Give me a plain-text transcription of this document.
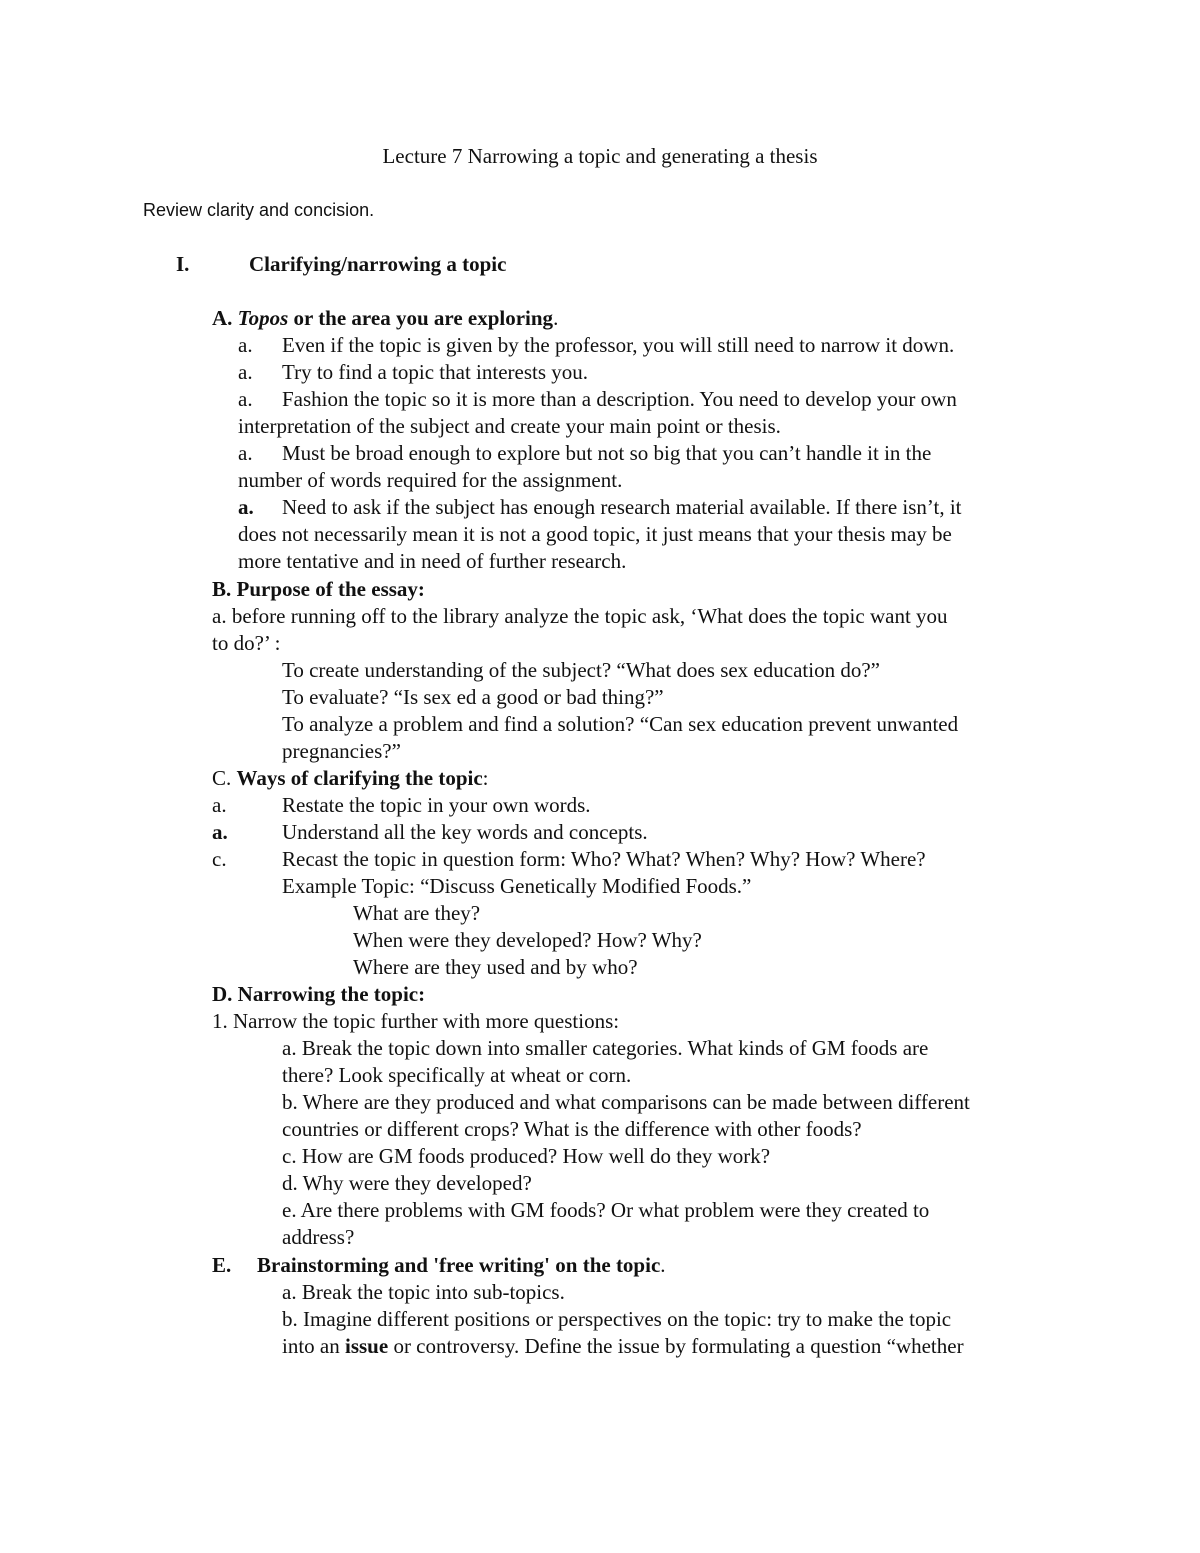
Lecture 7 Narrowing a topic and generating a thesis
Review clarity and concision.
I.	Clarifying/narrowing a topic
A. Topos or the area you are exploring.
a. Even if the topic is given by the professor, you will still need to narrow it down.
a. Try to find a topic that interests you.
a. Fashion the topic so it is more than a description. You need to develop your own
interpretation of the subject and create your main point or thesis.
a. Must be broad enough to explore but not so big that you can’t handle it in the
number of words required for the assignment.
a. Need to ask if the subject has enough research material available. If there isn’t, it
does not necessarily mean it is not a good topic, it just means that your thesis may be
more tentative and in need of further research.
B. Purpose of the essay:
a. before running off to the library analyze the topic ask, ‘What does the topic want you
to do?’ :
To create understanding of the subject? “What does sex education do?”
To evaluate? “Is sex ed a good or bad thing?”
To analyze a problem and find a solution? “Can sex education prevent unwanted
pregnancies?”
C. Ways of clarifying the topic:
a.	Restate the topic in your own words.
a.	Understand all the key words and concepts.
c.	Recast the topic in question form: Who? What? When? Why? How? Where?
Example Topic: “Discuss Genetically Modified Foods.”
What are they?
When were they developed? How? Why?
Where are they used and by who?
D. Narrowing the topic:
1. Narrow the topic further with more questions:
a. Break the topic down into smaller categories. What kinds of GM foods are
there? Look specifically at wheat or corn.
b. Where are they produced and what comparisons can be made between different
countries or different crops? What is the difference with other foods?
c. How are GM foods produced? How well do they work?
d. Why were they developed?
e. Are there problems with GM foods? Or what problem were they created to
address?
E. Brainstorming and 'free writing' on the topic.
a. Break the topic into sub-topics.
b. Imagine different positions or perspectives on the topic: try to make the topic
into an issue or controversy. Define the issue by formulating a question “whether
